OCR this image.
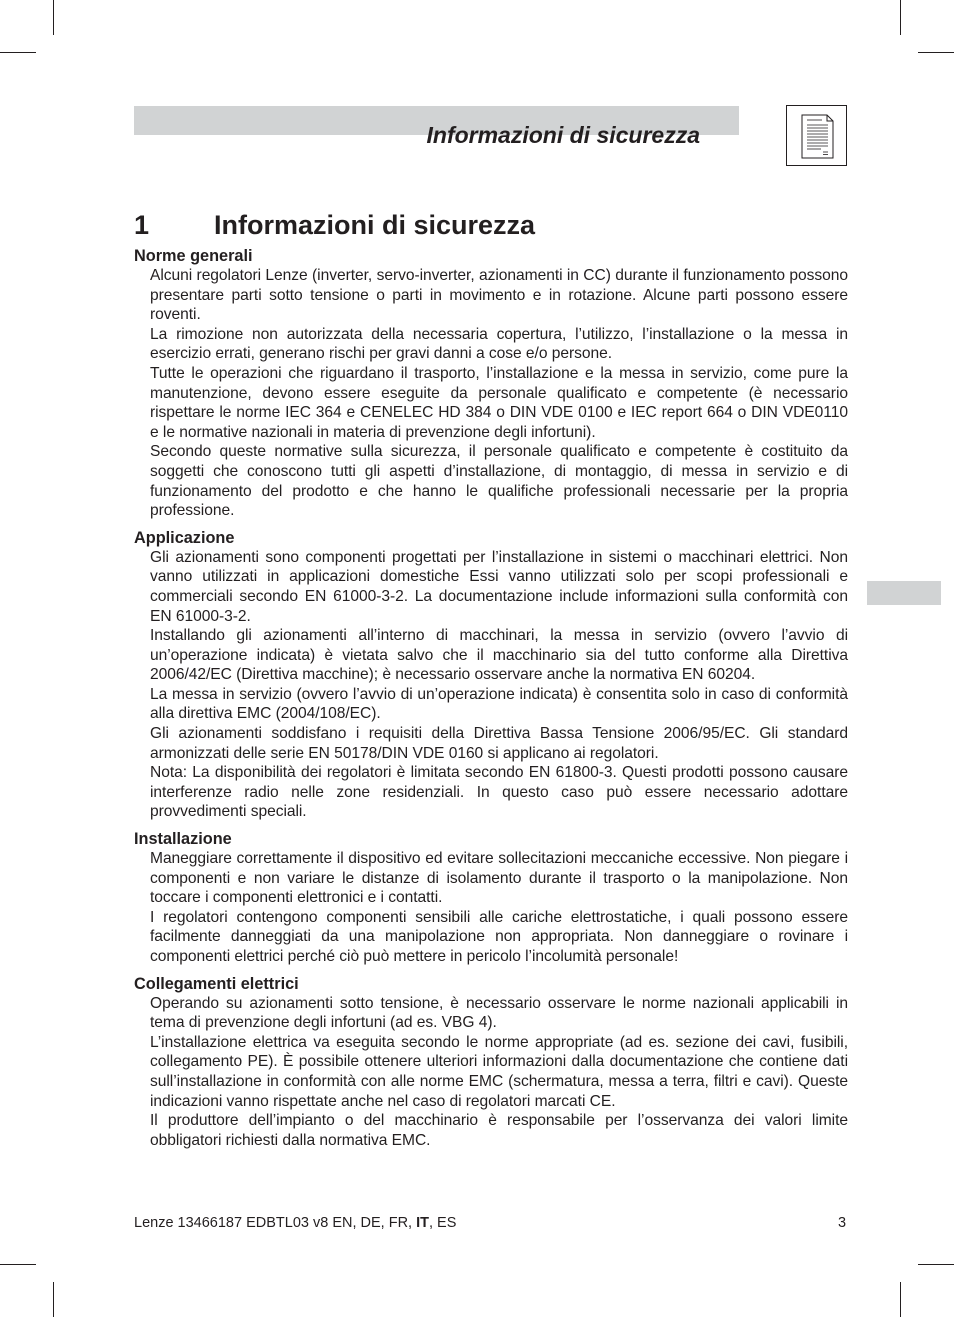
Informazioni di sicurezza
1 Informazioni di sicurezza
Norme generali

Alcuni regolatori Lenze (inverter, servo-inverter, azionamenti in CC) durante il funzionamento possono presentare parti sotto tensione o parti in movimento e in rotazione. Alcune parti possono essere roventi.

La rimozione non autorizzata della necessaria copertura, l’utilizzo, l’installazione o la messa in esercizio errati, generano rischi per gravi danni a cose e/o persone.

Tutte le operazioni che riguardano il trasporto, l’installazione e la messa in servizio, come pure la manutenzione, devono essere eseguite da personale qualificato e competente (è necessario rispettare le norme IEC 364 e CENELEC HD 384 o DIN VDE 0100 e IEC report 664 o DIN VDE0110 e le normative nazionali in materia di prevenzione degli infortuni).

Secondo queste normative sulla sicurezza, il personale qualificato e competente è costituito da soggetti che conoscono tutti gli aspetti d’installazione, di montaggio, di messa in servizio e di funzionamento del prodotto e che hanno le qualifiche professionali necessarie per la propria professione.

Applicazione

Gli azionamenti sono componenti progettati per l’installazione in sistemi o macchinari elettrici. Non vanno utilizzati in applicazioni domestiche Essi vanno utilizzati solo per scopi professionali e commerciali secondo EN 61000-3-2. La documentazione include informazioni sulla conformità con EN 61000-3-2.

Installando gli azionamenti all’interno di macchinari, la messa in servizio (ovvero l’avvio di un’operazione indicata) è vietata salvo che il macchinario sia del tutto conforme alla Direttiva 2006/42/EC (Direttiva macchine); è necessario osservare anche la normativa EN 60204.

La messa in servizio (ovvero l’avvio di un’operazione indicata) è consentita solo in caso di conformità alla direttiva EMC (2004/108/EC).

Gli azionamenti soddisfano i requisiti della Direttiva Bassa Tensione 2006/95/EC. Gli standard armonizzati delle serie EN 50178/DIN VDE 0160 si applicano ai regolatori.

Nota: La disponibilità dei regolatori è limitata secondo EN 61800-3. Questi prodotti possono causare interferenze radio nelle zone residenziali. In questo caso può essere necessario adottare provvedimenti speciali.

Installazione

Maneggiare correttamente il dispositivo ed evitare sollecitazioni meccaniche eccessive. Non piegare i componenti e non variare le distanze di isolamento durante il trasporto o la manipolazione. Non toccare i componenti elettronici e i contatti.

I regolatori contengono componenti sensibili alle cariche elettrostatiche, i quali possono essere facilmente danneggiati da una manipolazione non appropriata. Non danneggiare o rovinare i componenti elettrici perché ciò può mettere in pericolo l’incolumità personale!

Collegamenti elettrici

Operando su azionamenti sotto tensione, è necessario osservare le norme nazionali applicabili in tema di prevenzione degli infortuni (ad es. VBG 4).

L’installazione elettrica va eseguita secondo le norme appropriate (ad es. sezione dei cavi, fusibili, collegamento PE). È possibile ottenere ulteriori informazioni dalla documentazione che contiene dati sull’installazione in conformità con alle norme EMC (schermatura, messa a terra, filtri e cavi). Queste indicazioni vanno rispettate anche nel caso di regolatori marcati CE.

Il produttore dell’impianto o del macchinario è responsabile per l’osservanza dei valori limite obbligatori richiesti dalla normativa EMC.

Lenze 13466187 EDBTL03 v8 EN, DE, FR, IT, ES	3
